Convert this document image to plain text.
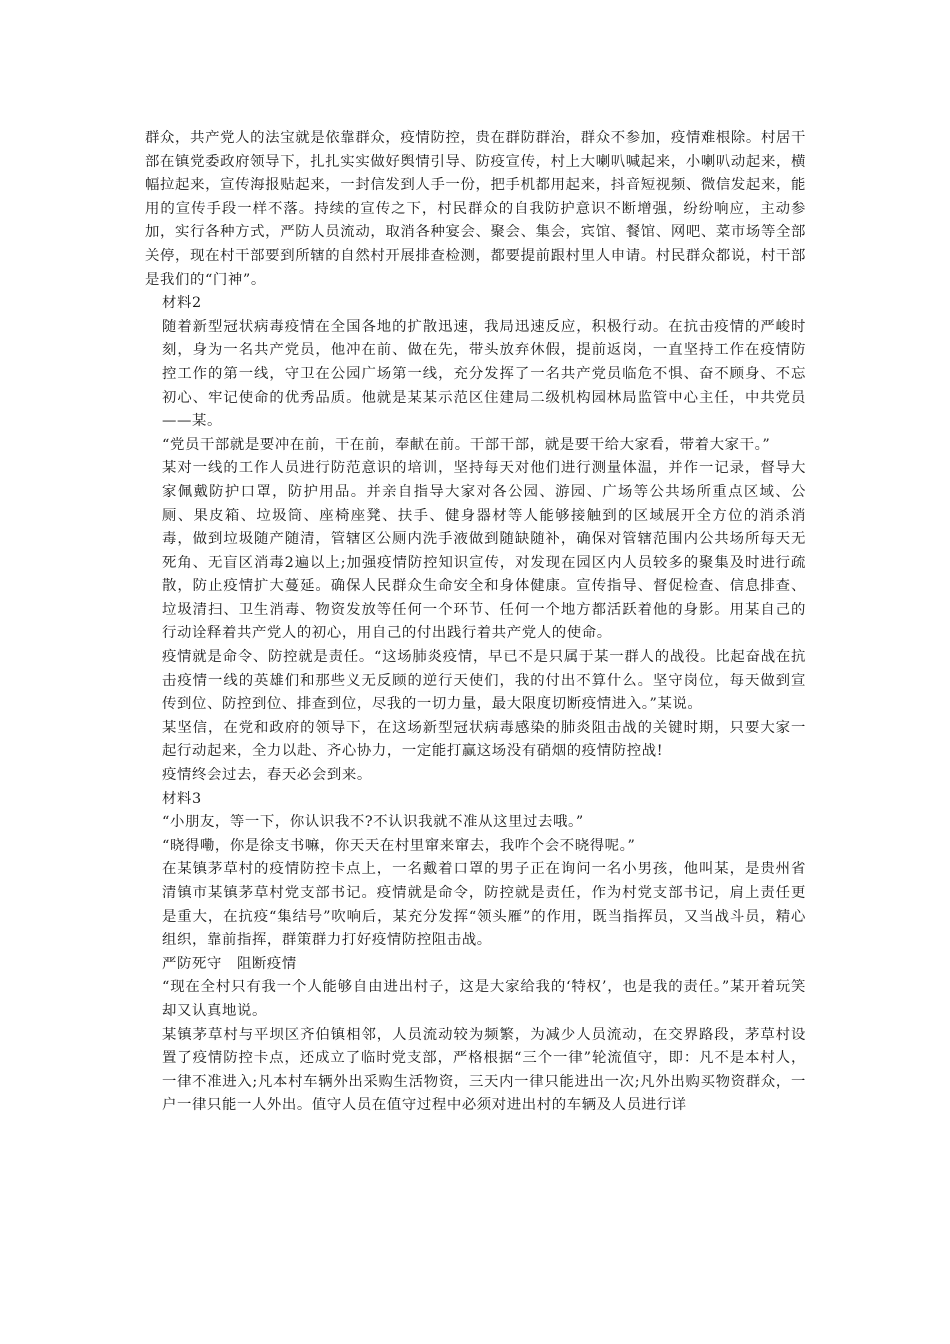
群众，共产党人的法宝就是依靠群众，疫情防控，贵在群防群治，群众不参加，疫情难根除。村居干部在镇党委政府领导下，扎扎实实做好舆情引导、防疫宣传，村上大喇叭喊起来，小喇叭动起来，横幅拉起来，宣传海报贴起来，一封信发到人手一份，把手机都用起来，抖音短视频、微信发起来，能用的宣传手段一样不落。持续的宣传之下，村民群众的自我防护意识不断增强，纷纷响应，主动参加，实行各种方式，严防人员流动，取消各种宴会、聚会、集会，宾馆、餐馆、网吧、菜市场等全部关停，现在村干部要到所辖的自然村开展排查检测，都要提前跟村里人申请。村民群众都说，村干部是我们的“门神”。

材料2

随着新型冠状病毒疫情在全国各地的扩散迅速，我局迅速反应，积极行动。在抗击疫情的严峻时刻，身为一名共产党员，他冲在前、做在先，带头放弃休假，提前返岗，一直坚持工作在疫情防控工作的第一线，守卫在公园广场第一线，充分发挥了一名共产党员临危不惧、奋不顾身、不忘初心、牢记使命的优秀品质。他就是某某示范区住建局二级机构园林局监管中心主任，中共党员——某。

“党员干部就是要冲在前，干在前，奉献在前。干部干部，就是要干给大家看，带着大家干。”

某对一线的工作人员进行防范意识的培训，坚持每天对他们进行测量体温，并作一记录，督导大家佩戴防护口罩，防护用品。并亲自指导大家对各公园、游园、广场等公共场所重点区域、公厕、果皮箱、垃圾筒、座椅座凳、扶手、健身器材等人能够接触到的区域展开全方位的消杀消毒，做到垃圾随产随清，管辖区公厕内洗手液做到随缺随补，确保对管辖范围内公共场所每天无死角、无盲区消毒2遍以上;加强疫情防控知识宣传，对发现在园区内人员较多的聚集及时进行疏散，防止疫情扩大蔓延。确保人民群众生命安全和身体健康。宣传指导、督促检查、信息排查、垃圾清扫、卫生消毒、物资发放等任何一个环节、任何一个地方都活跃着他的身影。用某自己的行动诠释着共产党人的初心，用自己的付出践行着共产党人的使命。

疫情就是命令、防控就是责任。“这场肺炎疫情，早已不是只属于某一群人的战役。比起奋战在抗击疫情一线的英雄们和那些义无反顾的逆行天使们，我的付出不算什么。坚守岗位，每天做到宣传到位、防控到位、排查到位，尽我的一切力量，最大限度切断疫情进入。”某说。

某坚信，在党和政府的领导下，在这场新型冠状病毒感染的肺炎阻击战的关键时期，只要大家一起行动起来，全力以赴、齐心协力，一定能打赢这场没有硝烟的疫情防控战!

疫情终会过去，春天必会到来。

材料3

“小朋友，等一下，你认识我不?不认识我就不准从这里过去哦。”

“晓得嘞，你是徐支书嘛，你天天在村里窜来窜去，我咋个会不晓得呢。”

在某镇茅草村的疫情防控卡点上，一名戴着口罩的男子正在询问一名小男孩，他叫某，是贵州省清镇市某镇茅草村党支部书记。疫情就是命令，防控就是责任，作为村党支部书记，肩上责任更是重大，在抗疫“集结号”吹响后，某充分发挥“领头雁”的作用，既当指挥员，又当战斗员，精心组织，靠前指挥，群策群力打好疫情防控阻击战。

严防死守　阻断疫情

“现在全村只有我一个人能够自由进出村子，这是大家给我的‘特权’，也是我的责任。”某开着玩笑却又认真地说。

某镇茅草村与平坝区齐伯镇相邻，人员流动较为频繁，为减少人员流动，在交界路段，茅草村设置了疫情防控卡点，还成立了临时党支部，严格根据“三个一律”轮流值守，即：凡不是本村人，一律不准进入;凡本村车辆外出采购生活物资，三天内一律只能进出一次;凡外出购买物资群众，一户一律只能一人外出。值守人员在值守过程中必须对进出村的车辆及人员进行详
